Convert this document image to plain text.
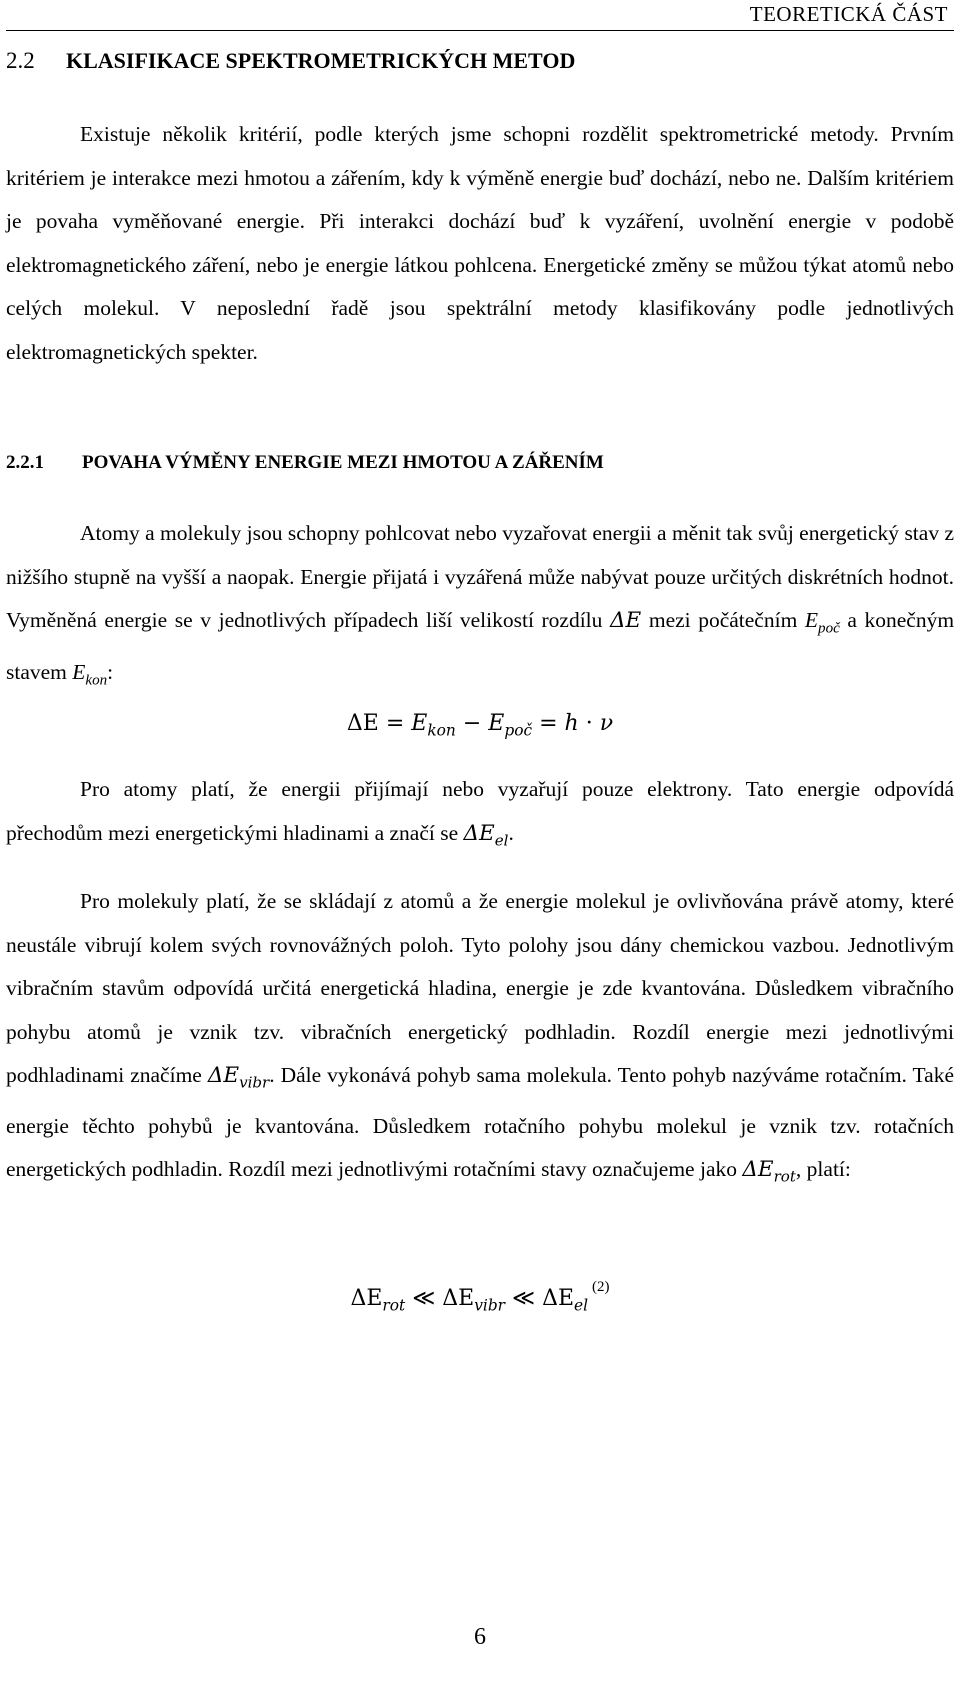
TEORETICKÁ ČÁST
2.2 KLASIFIKACE SPEKTROMETRICKÝCH METOD

Existuje několik kritérií, podle kterých jsme schopni rozdělit spektrometrické metody. Prvním kritériem je interakce mezi hmotou a zářením, kdy k výměně energie buď dochází, nebo ne. Dalším kritériem je povaha vyměňované energie. Při interakci dochází buď k vyzáření, uvolnění energie v podobě elektromagnetického záření, nebo je energie látkou pohlcena. Energetické změny se můžou týkat atomů nebo celých molekul. V neposlední řadě jsou spektrální metody klasifikovány podle jednotlivých elektromagnetických spekter.

2.2.1 POVAHA VÝMĚNY ENERGIE MEZI HMOTOU A ZÁŘENÍM

Atomy a molekuly jsou schopny pohlcovat nebo vyzařovat energii a měnit tak svůj energetický stav z nižšího stupně na vyšší a naopak. Energie přijatá i vyzářená může nabývat pouze určitých diskrétních hodnot. Vyměněná energie se v jednotlivých případech liší velikostí rozdílu ΔE mezi počátečním $E_{poč}$ a konečným stavem $E_{kon}$:

$\Delta E = E_{kon} - E_{poč} = h \cdot \nu$

Pro atomy platí, že energii přijímají nebo vyzařují pouze elektrony. Tato energie odpovídá přechodům mezi energetickými hladinami a značí se $\Delta E_{el}$.

Pro molekuly platí, že se skládají z atomů a že energie molekul je ovlivňována právě atomy, které neustále vibrují kolem svých rovnovážných poloh. Tyto polohy jsou dány chemickou vazbou. Jednotlivým vibračním stavům odpovídá určitá energetická hladina, energie je zde kvantována. Důsledkem vibračního pohybu atomů je vznik tzv. vibračních energetický podhladin. Rozdíl energie mezi jednotlivými podhladinami značíme $\Delta E_{vibr}$. Dále vykonává pohyb sama molekula. Tento pohyb nazýváme rotačním. Také energie těchto pohybů je kvantována. Důsledkem rotačního pohybu molekul je vznik tzv. rotačních energetických podhladin. Rozdíl mezi jednotlivými rotačními stavy označujeme jako $\Delta E_{rot}$, platí:

$\Delta E_{rot}$ ≪ $\Delta E_{vibr}$ ≪ $\Delta E_{el}^{(2)}$
6
